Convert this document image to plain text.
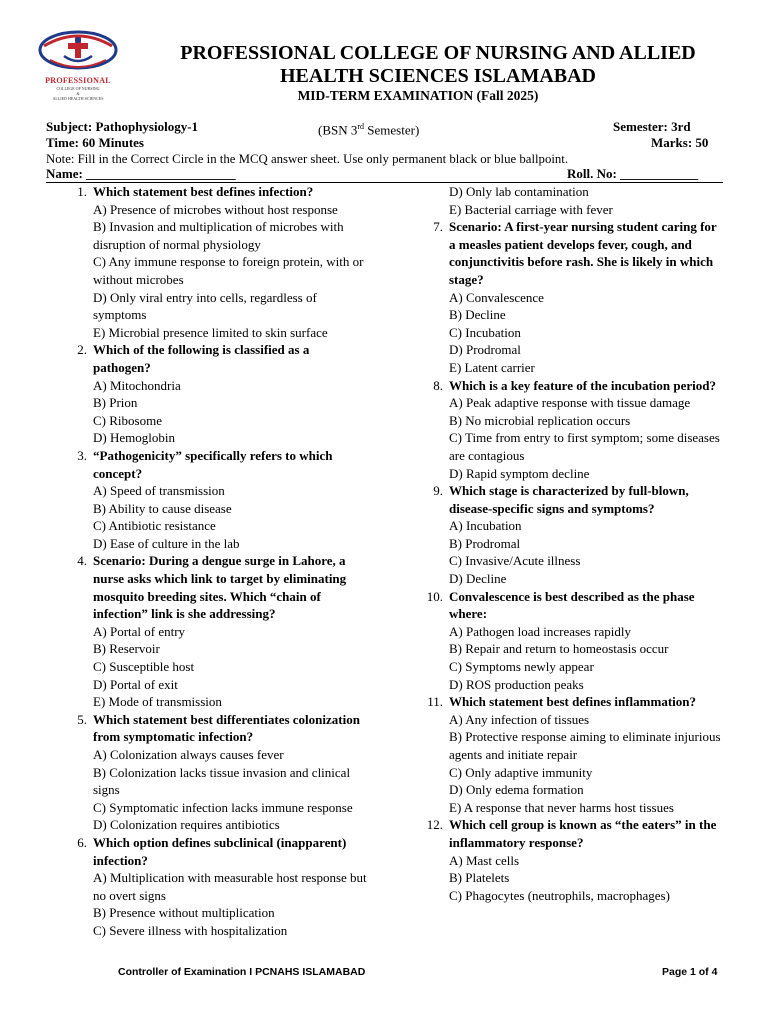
PROFESSIONAL
COLLEGE OF NURSING
&
ALLIED HEALTH SCIENCES
PROFESSIONAL COLLEGE OF NURSING AND ALLIED
HEALTH SCIENCES ISLAMABAD
MID-TERM EXAMINATION (Fall 2025)
Subject: Pathophysiology-1	(BSN 3rd Semester)	Semester: 3rd
Time: 60 Minutes	Marks: 50
Note: Fill in the Correct Circle in the MCQ answer sheet. Use only permanent black or blue ballpoint.
Name: _______________________	Roll. No: ____________
1. Which statement best defines infection?
A) Presence of microbes without host response
B) Invasion and multiplication of microbes with disruption of normal physiology
C) Any immune response to foreign protein, with or without microbes
D) Only viral entry into cells, regardless of symptoms
E) Microbial presence limited to skin surface
2. Which of the following is classified as a pathogen?
A) Mitochondria
B) Prion
C) Ribosome
D) Hemoglobin
3. “Pathogenicity” specifically refers to which concept?
A) Speed of transmission
B) Ability to cause disease
C) Antibiotic resistance
D) Ease of culture in the lab
4. Scenario: During a dengue surge in Lahore, a nurse asks which link to target by eliminating mosquito breeding sites. Which “chain of infection” link is she addressing?
A) Portal of entry
B) Reservoir
C) Susceptible host
D) Portal of exit
E) Mode of transmission
5. Which statement best differentiates colonization from symptomatic infection?
A) Colonization always causes fever
B) Colonization lacks tissue invasion and clinical signs
C) Symptomatic infection lacks immune response
D) Colonization requires antibiotics
6. Which option defines subclinical (inapparent) infection?
A) Multiplication with measurable host response but no overt signs
B) Presence without multiplication
C) Severe illness with hospitalization
D) Only lab contamination
E) Bacterial carriage with fever
7. Scenario: A first-year nursing student caring for a measles patient develops fever, cough, and conjunctivitis before rash. She is likely in which stage?
A) Convalescence
B) Decline
C) Incubation
D) Prodromal
E) Latent carrier
8. Which is a key feature of the incubation period?
A) Peak adaptive response with tissue damage
B) No microbial replication occurs
C) Time from entry to first symptom; some diseases are contagious
D) Rapid symptom decline
9. Which stage is characterized by full-blown, disease-specific signs and symptoms?
A) Incubation
B) Prodromal
C) Invasive/Acute illness
D) Decline
10. Convalescence is best described as the phase where:
A) Pathogen load increases rapidly
B) Repair and return to homeostasis occur
C) Symptoms newly appear
D) ROS production peaks
11. Which statement best defines inflammation?
A) Any infection of tissues
B) Protective response aiming to eliminate injurious agents and initiate repair
C) Only adaptive immunity
D) Only edema formation
E) A response that never harms host tissues
12. Which cell group is known as “the eaters” in the inflammatory response?
A) Mast cells
B) Platelets
C) Phagocytes (neutrophils, macrophages)
Controller of Examination I PCNAHS ISLAMABAD	Page 1 of 4
